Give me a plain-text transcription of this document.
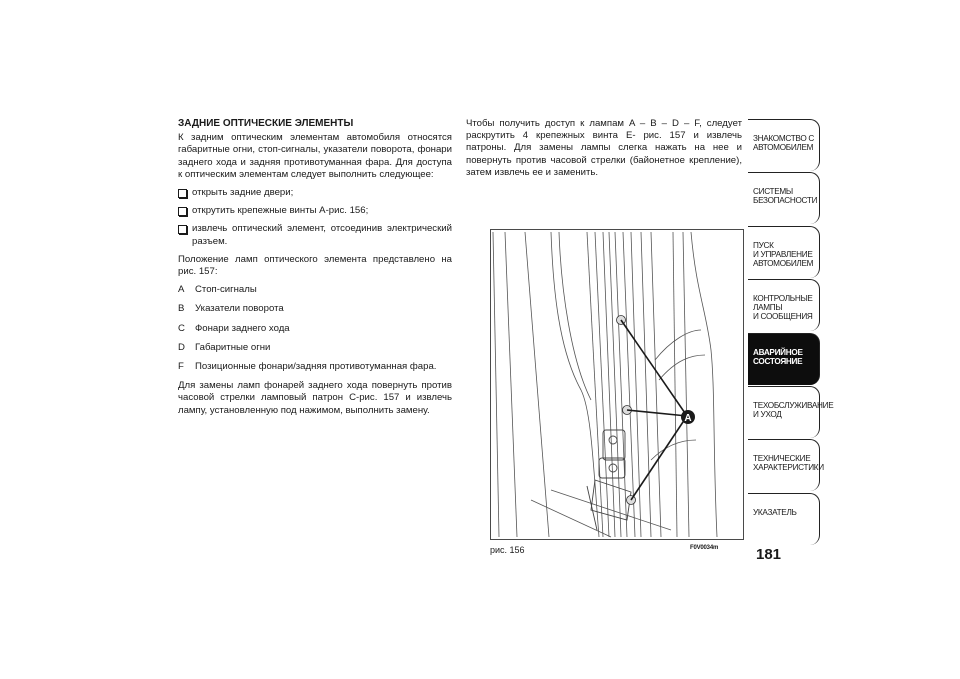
ЗАДНИЕ ОПТИЧЕСКИЕ ЭЛЕМЕНТЫ

К задним оптическим элементам автомобиля относятся габаритные огни, стоп-сигналы, указатели поворота, фонари заднего хода и задняя противотуманная фара. Для доступа к оптическим элементам следует выполнить следующее:

открыть задние двери;
открутить крепежные винты A-рис. 156;
извлечь оптический элемент, отсоединив электрический разъем.

Положение ламп оптического элемента представлено на рис. 157:

A	Стоп-сигналы
B	Указатели поворота
C	Фонари заднего хода
D	Габаритные огни
F	Позиционные фонари/задняя противотуманная фара.

Для замены ламп фонарей заднего хода повернуть против часовой стрелки ламповый патрон C-рис. 157 и извлечь лампу, установленную под нажимом, выполнить замену.

Чтобы получить доступ к лампам A – B – D – F, следует раскрутить 4 крепежных винта E- рис. 157 и извлечь патроны. Для замены лампы слегка нажать на нее и повернуть против часовой стрелки (байонетное крепление), затем извлечь ее и заменить.

A
рис. 156	F0V0034m
ЗНАКОМСТВО С
АВТОМОБИЛЕМ
СИСТЕМЫ
БЕЗОПАСНОСТИ
ПУСК
И УПРАВЛЕНИЕ
АВТОМОБИЛЕМ
КОНТРОЛЬНЫЕ
ЛАМПЫ
И СООБЩЕНИЯ
АВАРИЙНОЕ
СОСТОЯНИЕ
ТЕХОБСЛУЖИВАНИЕ
И УХОД
ТЕХНИЧЕСКИЕ
ХАРАКТЕРИСТИКИ
УКАЗАТЕЛЬ
181
